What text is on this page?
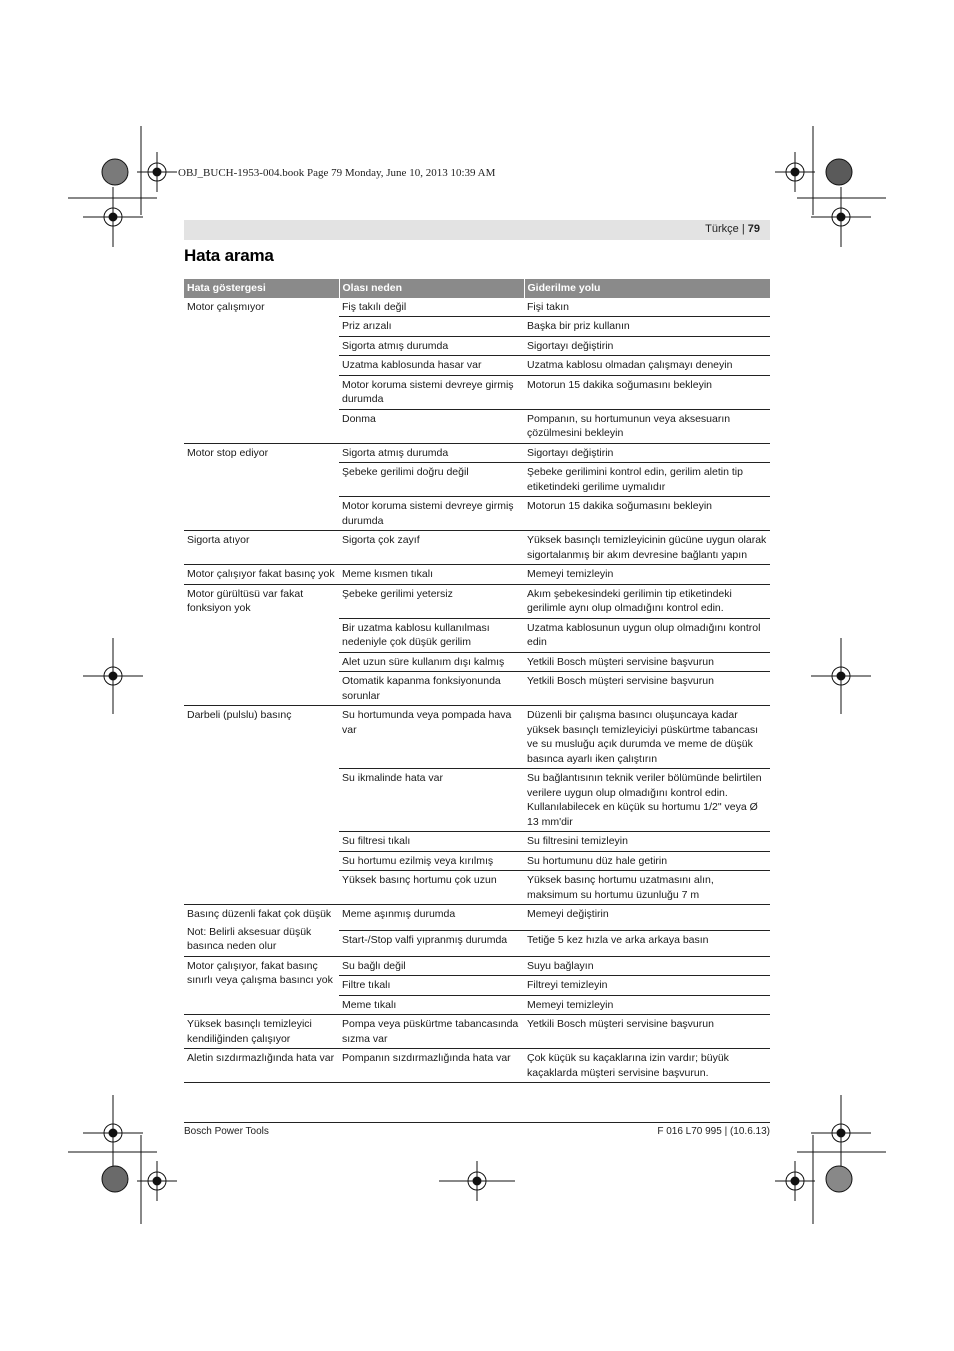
OBJ_BUCH-1953-004.book Page 79 Monday, June 10, 2013 10:39 AM
Türkçe | 79
Hata arama
Hata göstergesi	Olası neden	Giderilme yolu
Motor çalışmıyor	Fiş takılı değil	Fişi takın
	Priz arızalı	Başka bir priz kullanın
	Sigorta atmış durumda	Sigortayı değiştirin
	Uzatma kablosunda hasar var	Uzatma kablosu olmadan çalışmayı deneyin
	Motor koruma sistemi devreye girmiş durumda	Motorun 15 dakika soğumasını bekleyin
	Donma	Pompanın, su hortumunun veya aksesuarın çözülmesini bekleyin
Motor stop ediyor	Sigorta atmış durumda	Sigortayı değiştirin
	Şebeke gerilimi doğru değil	Şebeke gerilimini kontrol edin, gerilim aletin tip etiketindeki gerilime uymalıdır
	Motor koruma sistemi devreye girmiş durumda	Motorun 15 dakika soğumasını bekleyin
Sigorta atıyor	Sigorta çok zayıf	Yüksek basınçlı temizleyicinin gücüne uygun olarak sigortalanmış bir akım devresine bağlantı yapın
Motor çalışıyor fakat basınç yok	Meme kısmen tıkalı	Memeyi temizleyin
Motor gürültüsü var fakat fonksiyon yok	Şebeke gerilimi yetersiz	Akım şebekesindeki gerilimin tip etiketindeki gerilimle aynı olup olmadığını kontrol edin.
	Bir uzatma kablosu kullanılması nedeniyle çok düşük gerilim	Uzatma kablosunun uygun olup olmadığını kontrol edin
	Alet uzun süre kullanım dışı kalmış	Yetkili Bosch müşteri servisine başvurun
	Otomatik kapanma fonksiyonunda sorunlar	Yetkili Bosch müşteri servisine başvurun
Darbeli (pulslu) basınç	Su hortumunda veya pompada hava var	Düzenli bir çalışma basıncı oluşuncaya kadar yüksek basınçlı temizleyiciyi püskürtme tabancası ve su musluğu açık durumda ve meme de düşük basınca ayarlı iken çalıştırın
	Su ikmalinde hata var	Su bağlantısının teknik veriler bölümünde belirtilen verilere uygun olup olmadığını kontrol edin. Kullanılabilecek en küçük su hortumu 1/2" veya Ø 13 mm'dir
	Su filtresi tıkalı	Su filtresini temizleyin
	Su hortumu ezilmiş veya kırılmış	Su hortumunu düz hale getirin
	Yüksek basınç hortumu çok uzun	Yüksek basınç hortumu uzatmasını alın, maksimum su hortumu üzunluğu 7 m
Basınç düzenli fakat çok düşük
Not: Belirli aksesuar düşük basınca neden olur	Meme aşınmış durumda	Memeyi değiştirin
	Start-/Stop valfi yıpranmış durumda	Tetiğe 5 kez hızla ve arka arkaya basın
Motor çalışıyor, fakat basınç sınırlı veya çalışma basıncı yok	Su bağlı değil	Suyu bağlayın
	Filtre tıkalı	Filtreyi temizleyin
	Meme tıkalı	Memeyi temizleyin
Yüksek basınçlı temizleyici kendiliğinden çalışıyor	Pompa veya püskürtme tabancasında sızma var	Yetkili Bosch müşteri servisine başvurun
Aletin sızdırmazlığında hata var	Pompanın sızdırmazlığında hata var	Çok küçük su kaçaklarına izin vardır; büyük kaçaklarda müşteri servisine başvurun.
Bosch Power Tools	F 016 L70 995 | (10.6.13)
